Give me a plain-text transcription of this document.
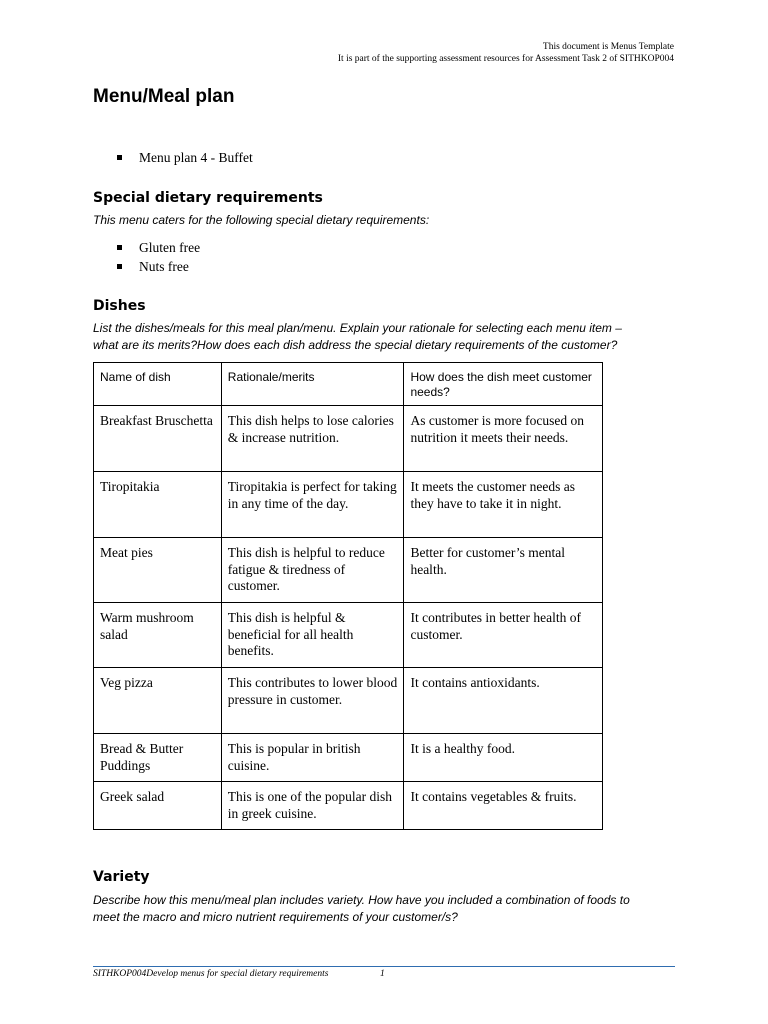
This document is Menus Template
It is part of the supporting assessment resources for Assessment Task 2 of SITHKOP004
Menu/Meal plan
Menu plan 4 - Buffet
Special dietary requirements

This menu caters for the following special dietary requirements:

Gluten free
Nuts free
Dishes

List the dishes/meals for this meal plan/menu. Explain your rationale for selecting each menu item –
what are its merits?How does each dish address the special dietary requirements of the customer?

Name of dish	Rationale/merits	How does the dish meet customer needs?
Breakfast Bruschetta	This dish helps to lose calories & increase nutrition.	As customer is more focused on nutrition it meets their needs.
Tiropitakia	Tiropitakia is perfect for taking in any time of the day.	It meets the customer needs as they have to take it in night.
Meat pies	This dish is helpful to reduce fatigue & tiredness of customer.	Better for customer’s mental health.
Warm mushroom salad	This dish is helpful & beneficial for all health benefits.	It contributes in better health of customer.
Veg pizza	This contributes to lower blood pressure in customer.	It contains antioxidants.
Bread & Butter Puddings	This is popular in british cuisine.	It is a healthy food.
Greek salad	This is one of the popular dish in greek cuisine.	It contains vegetables & fruits.
Variety

Describe how this menu/meal plan includes variety. How have you included a combination of foods to
meet the macro and micro nutrient requirements of your customer/s?

SITHKOP004Develop menus for special dietary requirements	1
